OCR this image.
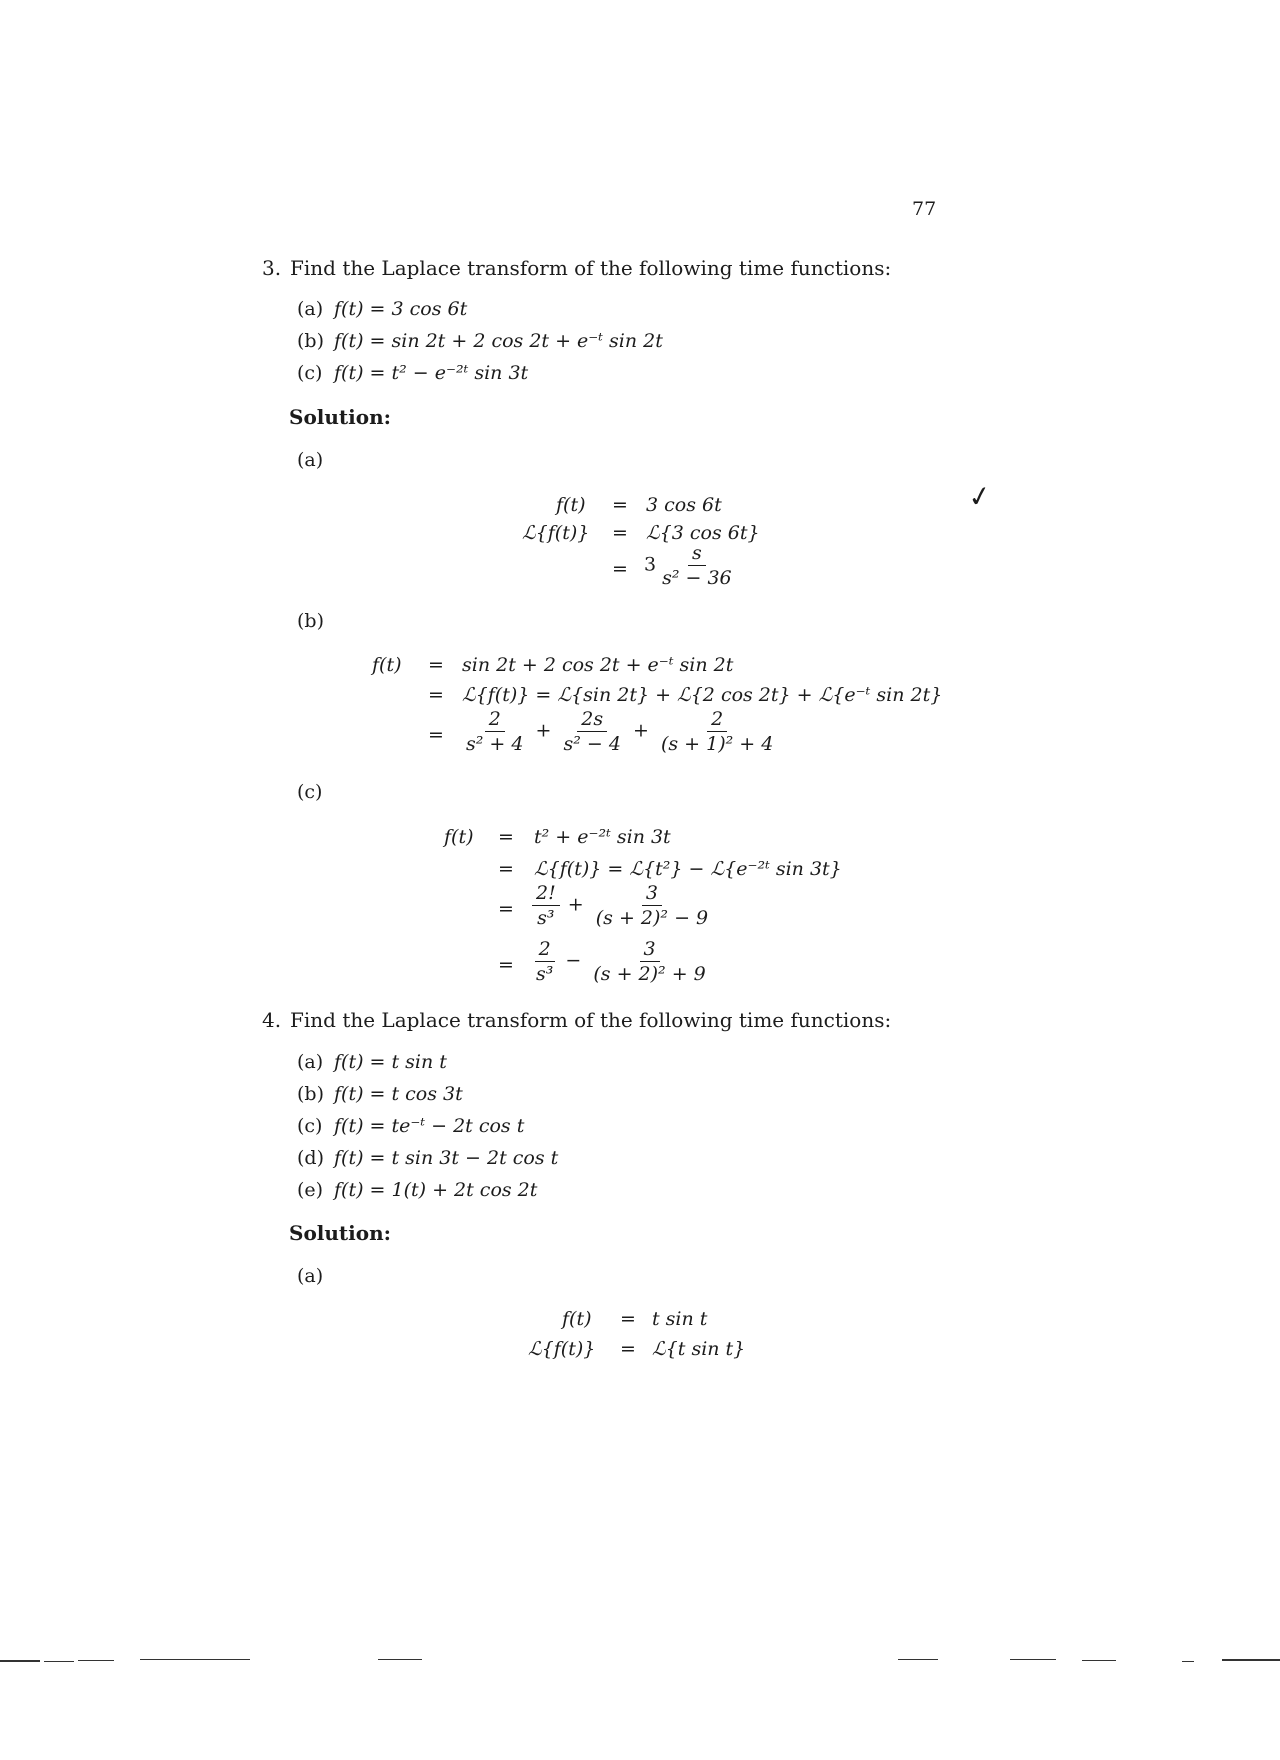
77
3. Find the Laplace transform of the following time functions:
(a) f(t) = 3 cos 6t
(b) f(t) = sin 2t + 2 cos 2t + e⁻ᵗ sin 2t
(c) f(t) = t² − e⁻²ᵗ sin 3t
Solution:
(a)
f(t) = 3 cos 6t
ℒ{f(t)} = ℒ{3 cos 6t}
= $3 \frac{s}{\text{s² − 36}}$
✓
(b)
f(t) = sin 2t + 2 cos 2t + e⁻ᵗ sin 2t
= ℒ{f(t)} = ℒ{sin 2t} + ℒ{2 cos 2t} + ℒ{e⁻ᵗ sin 2t}
= $\frac{2}{\text{s² + 4}} + \frac{2s}{\text{s² − 4}} + \frac{2}{\text{(s + 1)² + 4}}$
(c)
f(t) = t² + e⁻²ᵗ sin 3t
= ℒ{f(t)} = ℒ{t²} − ℒ{e⁻²ᵗ sin 3t}
= $\frac{2!}{\text{s³}} + \frac{3}{\text{(s + 2)² − 9}}$
= $\frac{2}{\text{s³}} - \frac{3}{\text{(s + 2)² + 9}}$
4. Find the Laplace transform of the following time functions:
(a) f(t) = t sin t
(b) f(t) = t cos 3t
(c) f(t) = te⁻ᵗ − 2t cos t
(d) f(t) = t sin 3t − 2t cos t
(e) f(t) = 1(t) + 2t cos 2t
Solution:
(a)
f(t) = t sin t
ℒ{f(t)} = ℒ{t sin t}
